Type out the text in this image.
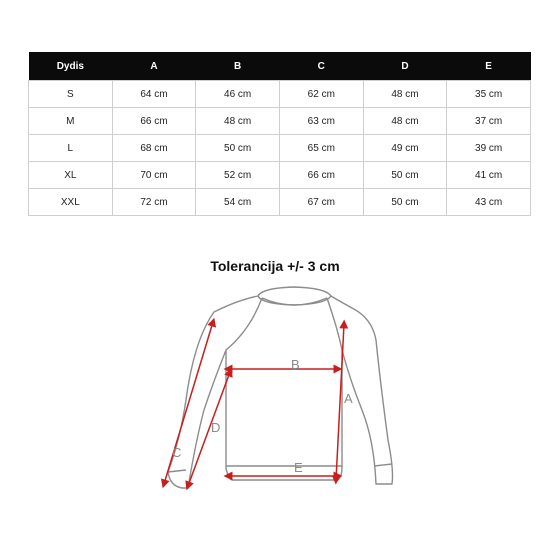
Dydis	A	B	C	D	E
S	64 cm	46 cm	62 cm	48 cm	35 cm
M	66 cm	48 cm	63 cm	48 cm	37 cm
L	68 cm	50 cm	65 cm	49 cm	39 cm
XL	70 cm	52 cm	66 cm	50 cm	41 cm
XXL	72 cm	54 cm	67 cm	50 cm	43 cm
Tolerancija +/- 3 cm
A
B
C
D
E
